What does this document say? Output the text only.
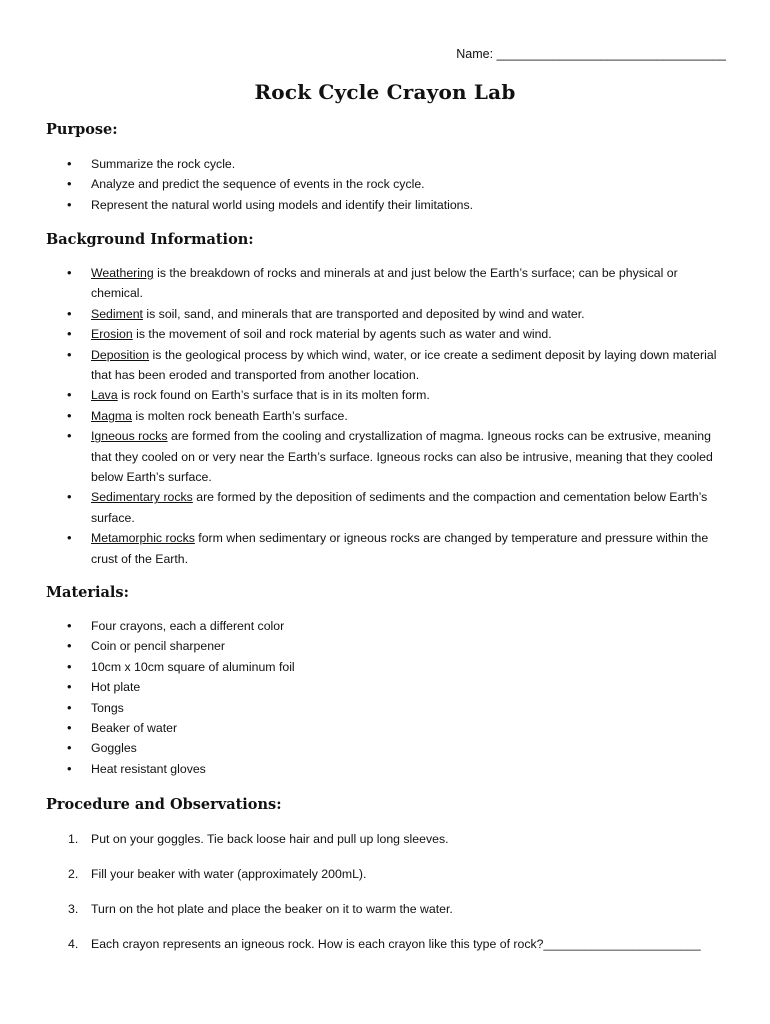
Name: _________________________________
Rock Cycle Crayon Lab
Purpose:
• Summarize the rock cycle.
• Analyze and predict the sequence of events in the rock cycle.
• Represent the natural world using models and identify their limitations.
Background Information:
• Weathering is the breakdown of rocks and minerals at and just below the Earth’s surface; can be physical or chemical.
• Sediment is soil, sand, and minerals that are transported and deposited by wind and water.
• Erosion is the movement of soil and rock material by agents such as water and wind.
• Deposition is the geological process by which wind, water, or ice create a sediment deposit by laying down material that has been eroded and transported from another location.
• Lava is rock found on Earth’s surface that is in its molten form.
• Magma is molten rock beneath Earth’s surface.
• Igneous rocks are formed from the cooling and crystallization of magma. Igneous rocks can be extrusive, meaning that they cooled on or very near the Earth’s surface. Igneous rocks can also be intrusive, meaning that they cooled below Earth’s surface.
• Sedimentary rocks are formed by the deposition of sediments and the compaction and cementation below Earth’s surface.
• Metamorphic rocks form when sedimentary or igneous rocks are changed by temperature and pressure within the crust of the Earth.
Materials:
• Four crayons, each a different color
• Coin or pencil sharpener
• 10cm x 10cm square of aluminum foil
• Hot plate
• Tongs
• Beaker of water
• Goggles
• Heat resistant gloves
Procedure and Observations:
1. Put on your goggles. Tie back loose hair and pull up long sleeves.
2. Fill your beaker with water (approximately 200mL).
3. Turn on the hot plate and place the beaker on it to warm the water.
4. Each crayon represents an igneous rock. How is each crayon like this type of rock?_______________________
